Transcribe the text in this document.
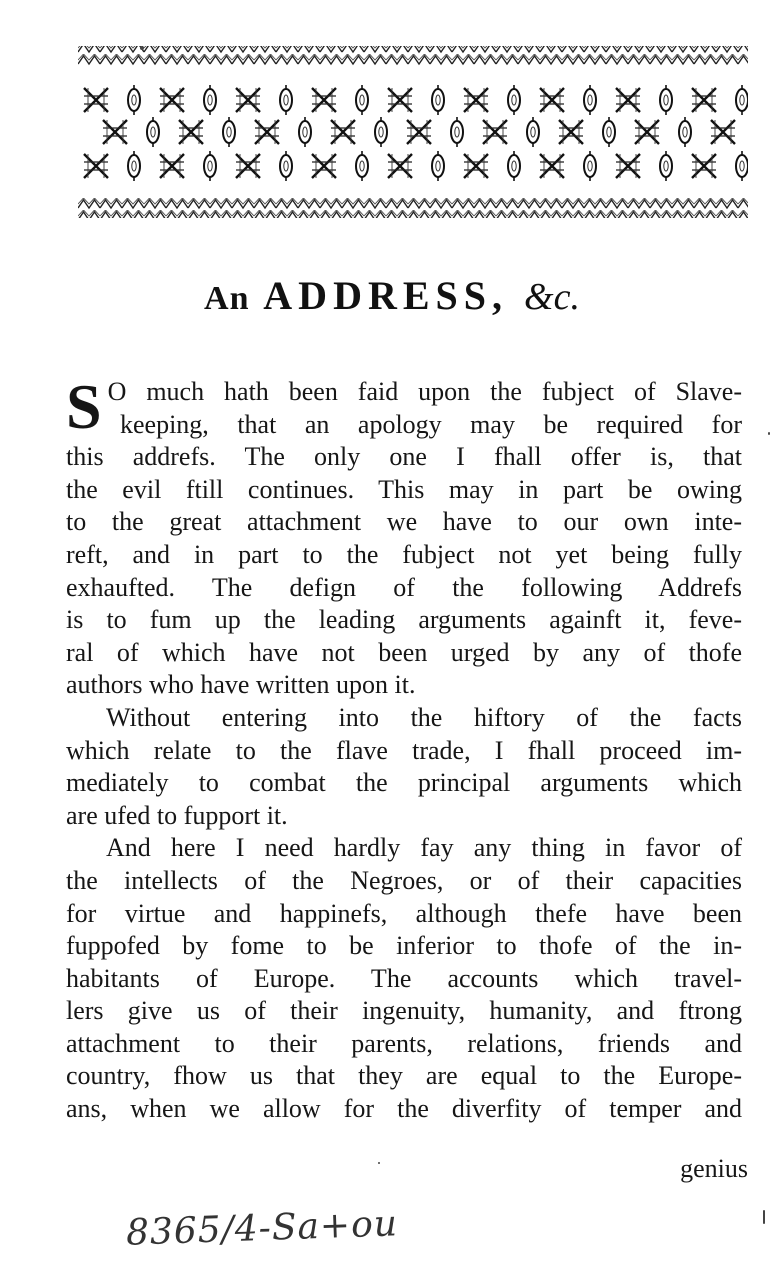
An ADDRESS, &c.
S O much hath been faid upon the fubject of Slave-
keeping, that an apology may be required for
this addrefs. The only one I fhall offer is, that
the evil ftill continues. This may in part be owing
to the great attachment we have to our own inte-
reft, and in part to the fubject not yet being fully
exhaufted. The defign of the following Addrefs
is to fum up the leading arguments againft it, feve-
ral of which have not been urged by any of thofe
authors who have written upon it.
Without entering into the hiftory of the facts
which relate to the flave trade, I fhall proceed im-
mediately to combat the principal arguments which
are ufed to fupport it.
And here I need hardly fay any thing in favor of
the intellects of the Negroes, or of their capacities
for virtue and happinefs, although thefe have been
fuppofed by fome to be inferior to thofe of the in-
habitants of Europe. The accounts which travel-
lers give us of their ingenuity, humanity, and ftrong
attachment to their parents, relations, friends and
country, fhow us that they are equal to the Europe-
ans, when we allow for the diverfity of temper and
genius
8365/4-Sa+ou
